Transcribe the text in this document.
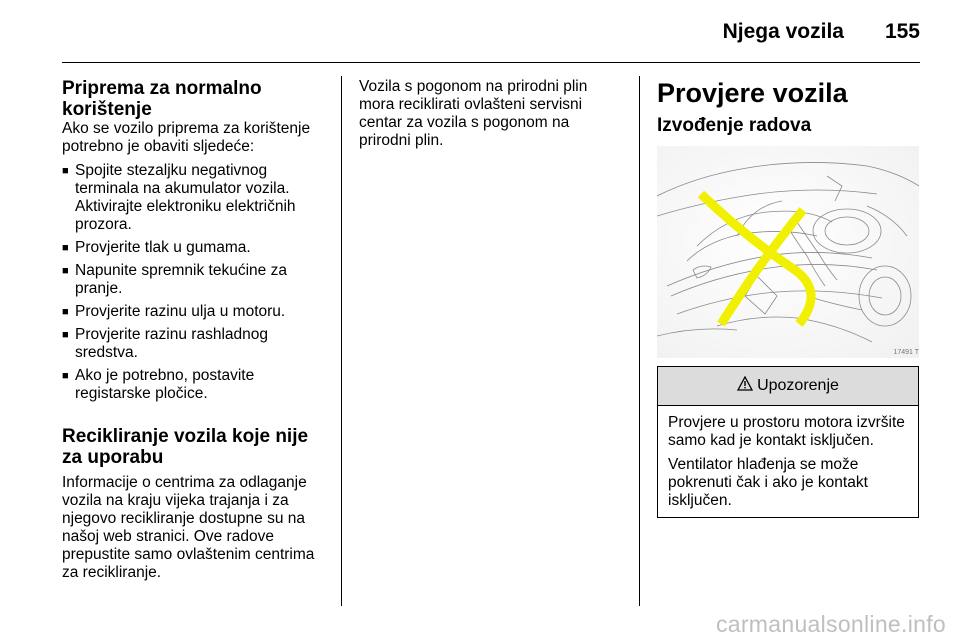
Njega vozila 155
Priprema za normalno korištenje

Ako se vozilo priprema za korištenje potrebno je obaviti sljedeće:

■ Spojite stezaljku negativnog terminala na akumulator vozila. Aktivirajte elektroniku električnih prozora.
■ Provjerite tlak u gumama.
■ Napunite spremnik tekućine za pranje.
■ Provjerite razinu ulja u motoru.
■ Provjerite razinu rashladnog sredstva.
■ Ako je potrebno, postavite registarske pločice.
Recikliranje vozila koje nije za uporabu

Informacije o centrima za odlaganje vozila na kraju vijeka trajanja i za njegovo recikliranje dostupne su na našoj web stranici. Ove radove prepustite samo ovlaštenim centrima za recikliranje.

Vozila s pogonom na prirodni plin mora reciklirati ovlašteni servisni centar za vozila s pogonom na prirodni plin.

Provjere vozila
Izvođenje radova
17491 T
Upozorenje

Provjere u prostoru motora izvršite samo kad je kontakt isključen.

Ventilator hlađenja se može pokrenuti čak i ako je kontakt isključen.

carmanualsonline.info
